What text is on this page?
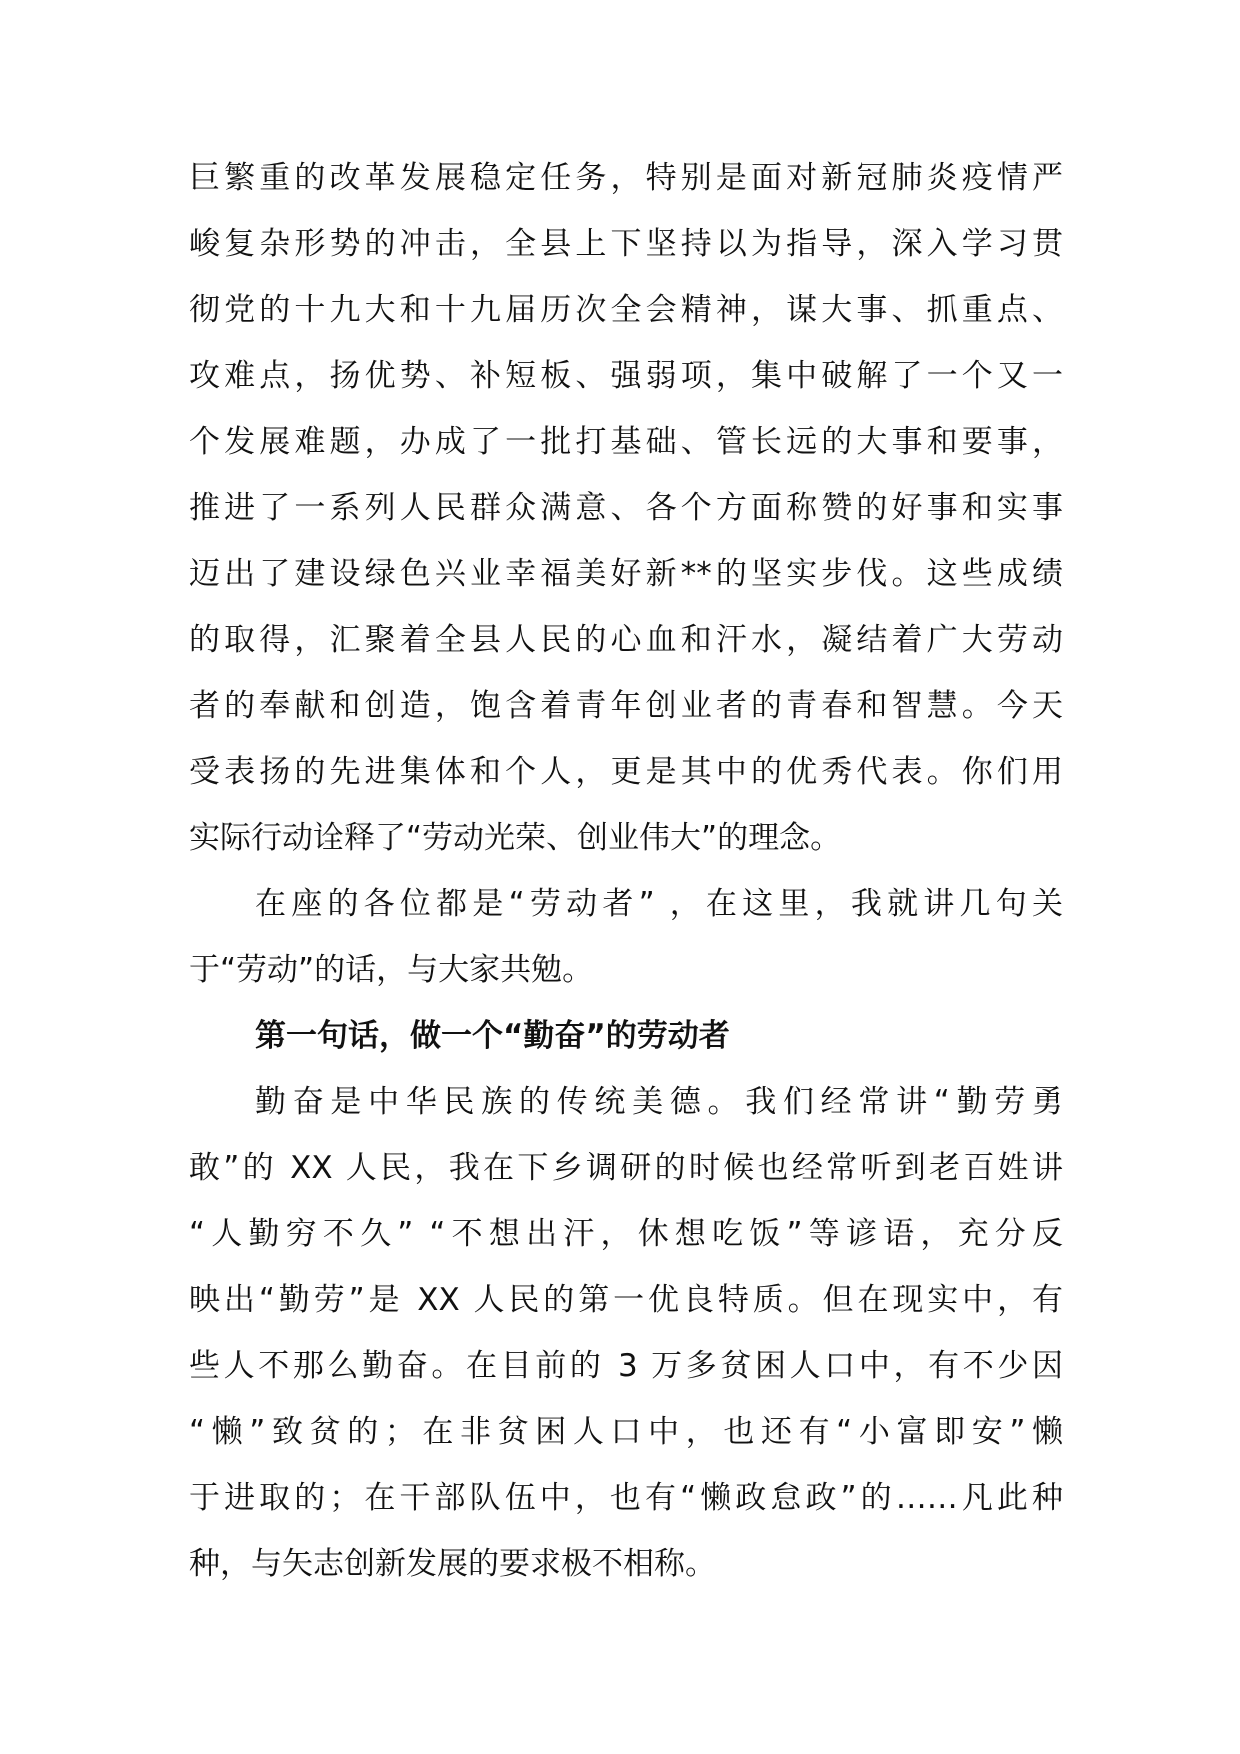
巨繁重的改革发展稳定任务，特别是面对新冠肺炎疫情严
峻复杂形势的冲击，全县上下坚持以为指导，深入学习贯
彻党的十九大和十九届历次全会精神，谋大事、抓重点、
攻难点，扬优势、补短板、强弱项，集中破解了一个又一
个发展难题，办成了一批打基础、管长远的大事和要事，
推进了一系列人民群众满意、各个方面称赞的好事和实事
迈出了建设绿色兴业幸福美好新**的坚实步伐。这些成绩
的取得，汇聚着全县人民的心血和汗水，凝结着广大劳动
者的奉献和创造，饱含着青年创业者的青春和智慧。今天
受表扬的先进集体和个人，更是其中的优秀代表。你们用
实际行动诠释了“劳动光荣、创业伟大”的理念。
在座的各位都是“劳动者” ，在这里，我就讲几句关
于“劳动”的话，与大家共勉。
第一句话，做一个“勤奋”的劳动者
勤奋是中华民族的传统美德。我们经常讲“勤劳勇
敢”的 XX 人民，我在下乡调研的时候也经常听到老百姓讲
“人勤穷不久” “不想出汗，休想吃饭”等谚语，充分反
映出“勤劳”是 XX 人民的第一优良特质。但在现实中，有
些人不那么勤奋。在目前的 3 万多贫困人口中，有不少因
“懒”致贫的；在非贫困人口中，也还有“小富即安”懒
于进取的；在干部队伍中，也有“懒政怠政”的……凡此种
种，与矢志创新发展的要求极不相称。
